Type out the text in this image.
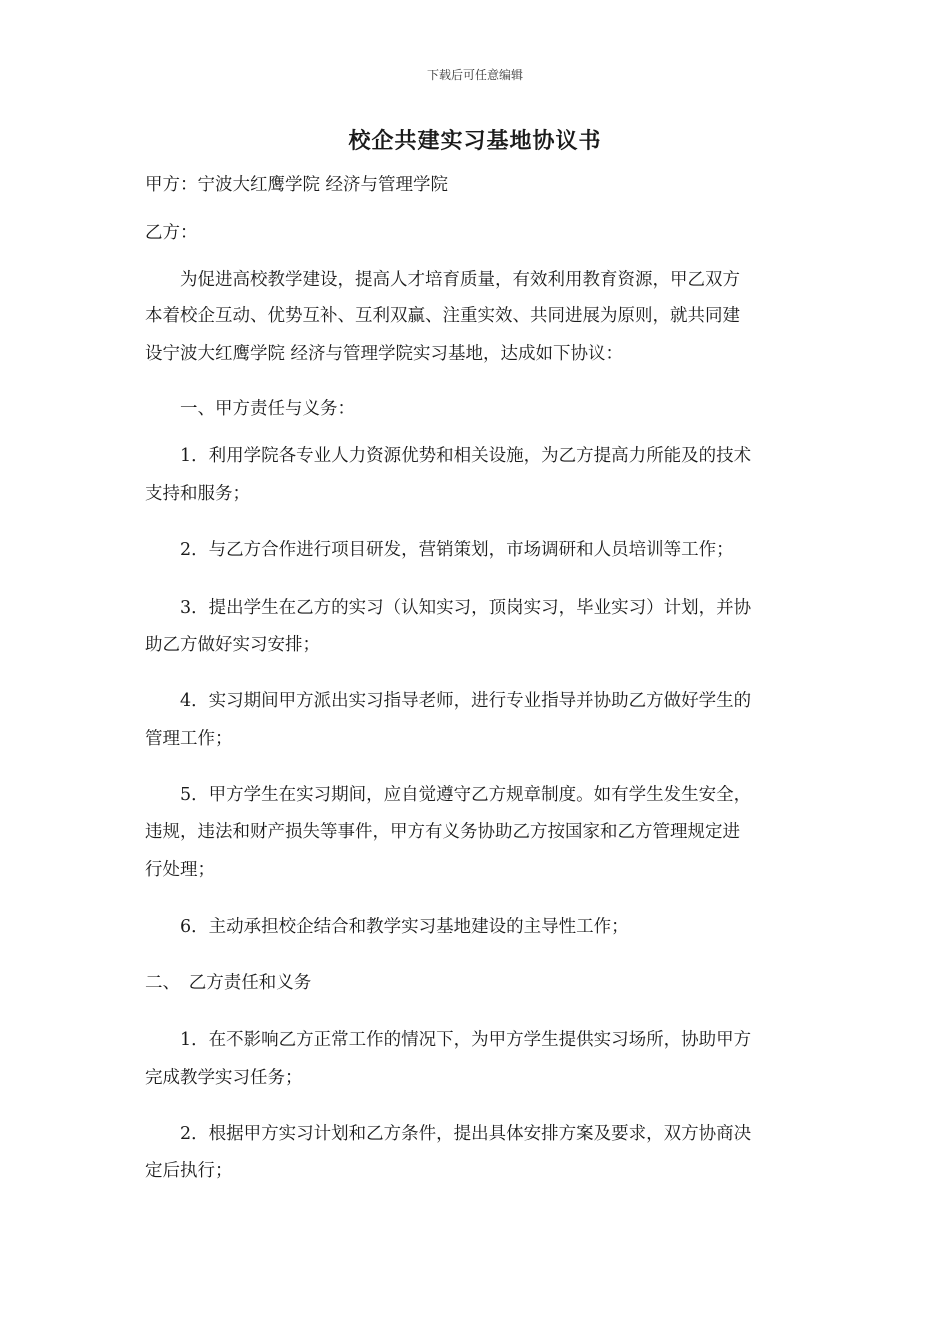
下载后可任意编辑
校企共建实习基地协议书
甲方：宁波大红鹰学院 经济与管理学院
乙方：
为促进高校教学建设，提高人才培育质量，有效利用教育资源，甲乙双方
本着校企互动、优势互补、互利双赢、注重实效、共同进展为原则，就共同建
设宁波大红鹰学院 经济与管理学院实习基地，达成如下协议：
一、甲方责任与义务：
1．利用学院各专业人力资源优势和相关设施，为乙方提高力所能及的技术
支持和服务；
2．与乙方合作进行项目研发，营销策划，市场调研和人员培训等工作；
3．提出学生在乙方的实习（认知实习，顶岗实习，毕业实习）计划，并协
助乙方做好实习安排；
4．实习期间甲方派出实习指导老师，进行专业指导并协助乙方做好学生的
管理工作；
5．甲方学生在实习期间，应自觉遵守乙方规章制度。如有学生发生安全，
违规，违法和财产损失等事件，甲方有义务协助乙方按国家和乙方管理规定进
行处理；
6．主动承担校企结合和教学实习基地建设的主导性工作；
二、　乙方责任和义务
1．在不影响乙方正常工作的情况下，为甲方学生提供实习场所，协助甲方
完成教学实习任务；
2．根据甲方实习计划和乙方条件，提出具体安排方案及要求，双方协商决
定后执行；
